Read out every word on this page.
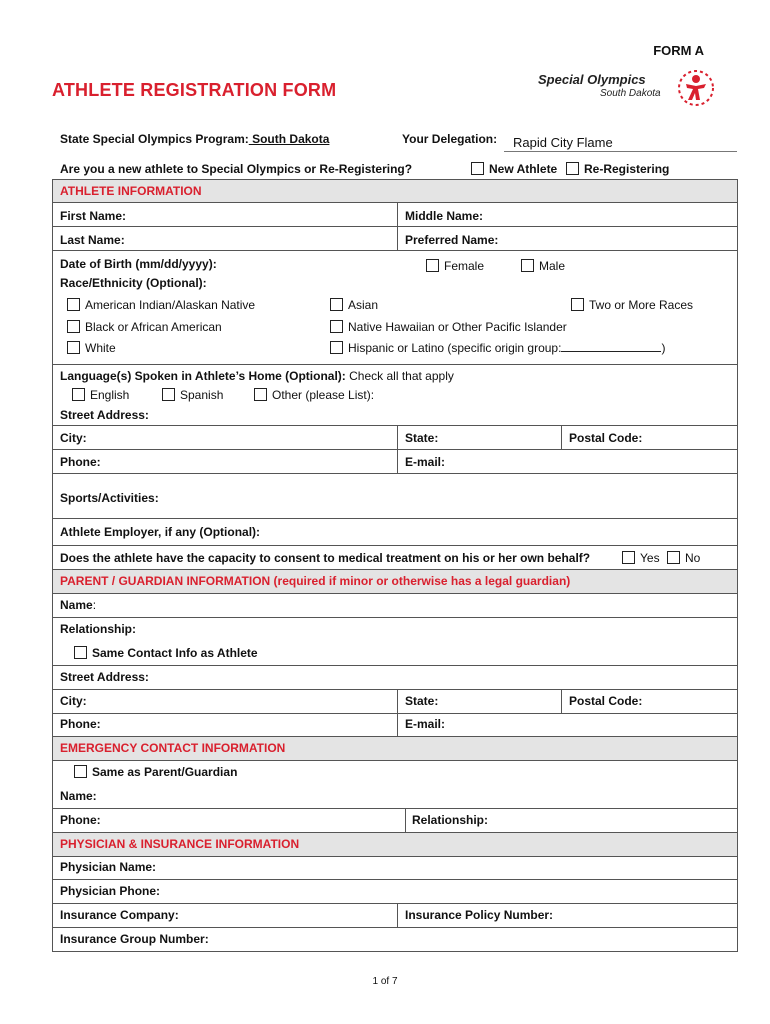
FORM A
ATHLETE REGISTRATION FORM
Special Olympics
South Dakota
State Special Olympics Program: South Dakota	Your Delegation: Rapid City Flame
Are you a new athlete to Special Olympics or Re-Registering?	New Athlete	Re-Registering
ATHLETE INFORMATION
First Name:	Middle Name:
Last Name:	Preferred Name:
Date of Birth (mm/dd/yyyy):	Female	Male
Race/Ethnicity (Optional):
American Indian/Alaskan Native	Asian	Two or More Races
Black or African American	Native Hawaiian or Other Pacific Islander
White	Hispanic or Latino (specific origin group:	)
Language(s) Spoken in Athlete’s Home (Optional): Check all that apply
English	Spanish	Other (please List):
Street Address:
City:	State:	Postal Code:
Phone:	E-mail:
Sports/Activities:
Athlete Employer, if any (Optional):
Does the athlete have the capacity to consent to medical treatment on his or her own behalf?	Yes	No
PARENT / GUARDIAN INFORMATION (required if minor or otherwise has a legal guardian)
Name:
Relationship:
Same Contact Info as Athlete
Street Address:
City:	State:	Postal Code:
Phone:	E-mail:
EMERGENCY CONTACT INFORMATION
Same as Parent/Guardian
Name:
Phone:	Relationship:
PHYSICIAN & INSURANCE INFORMATION
Physician Name:
Physician Phone:
Insurance Company:	Insurance Policy Number:
Insurance Group Number:
1 of 7
